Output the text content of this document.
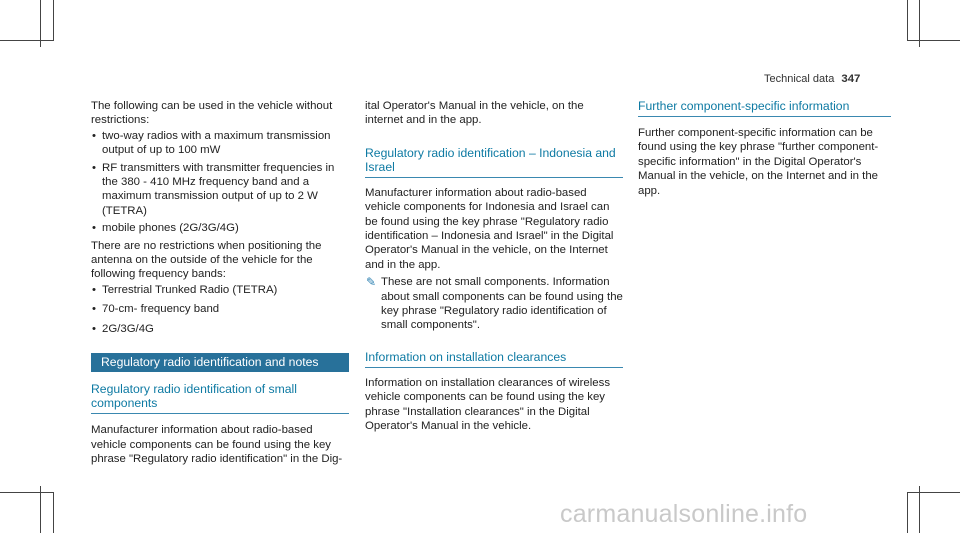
Technical data 347

The following can be used in the vehicle without restrictions:

• two-way radios with a maximum transmission output of up to 100 mW
• RF transmitters with transmitter frequencies in the 380 - 410 MHz frequency band and a maximum transmission output of up to 2 W (TETRA)
• mobile phones (2G/3G/4G)

There are no restrictions when positioning the antenna on the outside of the vehicle for the following frequency bands:

• Terrestrial Trunked Radio (TETRA)
• 70-cm- frequency band
• 2G/3G/4G
Regulatory radio identification and notes
Regulatory radio identification of small components

Manufacturer information about radio-based vehicle components can be found using the key phrase "Regulatory radio identification" in the Dig-

ital Operator's Manual in the vehicle, on the internet and in the app.

Regulatory radio identification – Indonesia and Israel

Manufacturer information about radio-based vehicle components for Indonesia and Israel can be found using the key phrase "Regulatory radio identification – Indonesia and Israel" in the Digital Operator's Manual in the vehicle, on the Internet and in the app.

✎ These are not small components. Information about small components can be found using the key phrase "Regulatory radio identification of small components".
Information on installation clearances

Information on installation clearances of wireless vehicle components can be found using the key phrase "Installation clearances" in the Digital Operator's Manual in the vehicle.

Further component-specific information

Further component-specific information can be found using the key phrase "further component-specific information" in the Digital Operator's Manual in the vehicle, on the Internet and in the app.

carmanualsonline.info
